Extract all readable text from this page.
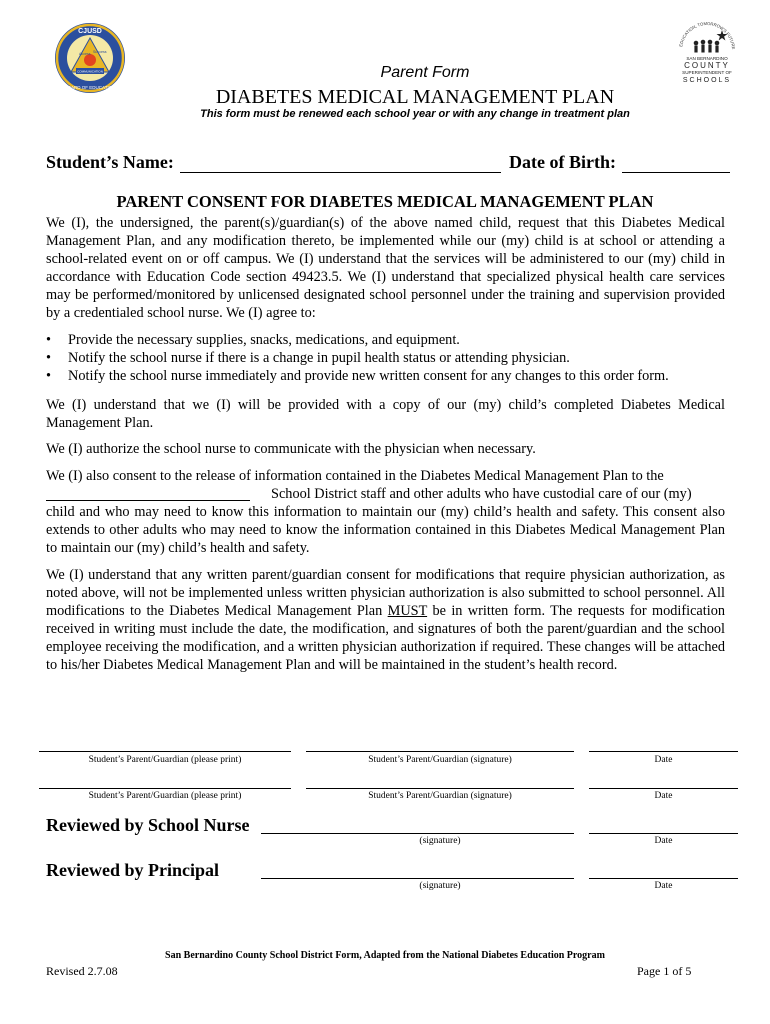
CJUSD
BOARD OF EDUCATION
Access Success
COMMUNICATION
EDUCATION, TOMORROW'S FUTURE
SAN BERNARDINO
COUNTY
SUPERINTENDENT OF
SCHOOLS
Parent Form
DIABETES MEDICAL MANAGEMENT PLAN
This form must be renewed each school year or with any change in treatment plan
Student’s Name:	Date of Birth:
PARENT CONSENT FOR DIABETES MEDICAL MANAGEMENT PLAN
We (I), the undersigned, the parent(s)/guardian(s) of the above named child, request that this Diabetes Medical Management Plan, and any modification thereto, be implemented while our (my) child is at school or attending a school-related event on or off campus. We (I) understand that the services will be administered to our (my) child in accordance with Education Code section 49423.5. We (I) understand that specialized physical health care services may be performed/monitored by unlicensed designated school personnel under the training and supervision provided by a credentialed school nurse. We (I) agree to:
• Provide the necessary supplies, snacks, medications, and equipment.
• Notify the school nurse if there is a change in pupil health status or attending physician.
• Notify the school nurse immediately and provide new written consent for any changes to this order form.
We (I) understand that we (I) will be provided with a copy of our (my) child’s completed Diabetes Medical Management Plan.
We (I) authorize the school nurse to communicate with the physician when necessary.
We (I) also consent to the release of information contained in the Diabetes Medical Management Plan to the
School District staff and other adults who have custodial care of our (my)
child and who may need to know this information to maintain our (my) child’s health and safety. This consent also extends to other adults who may need to know the information contained in this Diabetes Medical Management Plan to maintain our (my) child’s health and safety.
We (I) understand that any written parent/guardian consent for modifications that require physician authorization, as noted above, will not be implemented unless written physician authorization is also submitted to school personnel. All modifications to the Diabetes Medical Management Plan MUST be in written form. The requests for modification received in writing must include the date, the modification, and signatures of both the parent/guardian and the school employee receiving the modification, and a written physician authorization if required. These changes will be attached to his/her Diabetes Medical Management Plan and will be maintained in the student’s health record.
Student’s Parent/Guardian (please print)	Student’s Parent/Guardian (signature)	Date
Student’s Parent/Guardian (please print)	Student’s Parent/Guardian (signature)	Date
Reviewed by School Nurse
(signature)	Date
Reviewed by Principal
(signature)	Date
San Bernardino County School District Form, Adapted from the National Diabetes Education Program
Revised 2.7.08	Page 1 of 5
